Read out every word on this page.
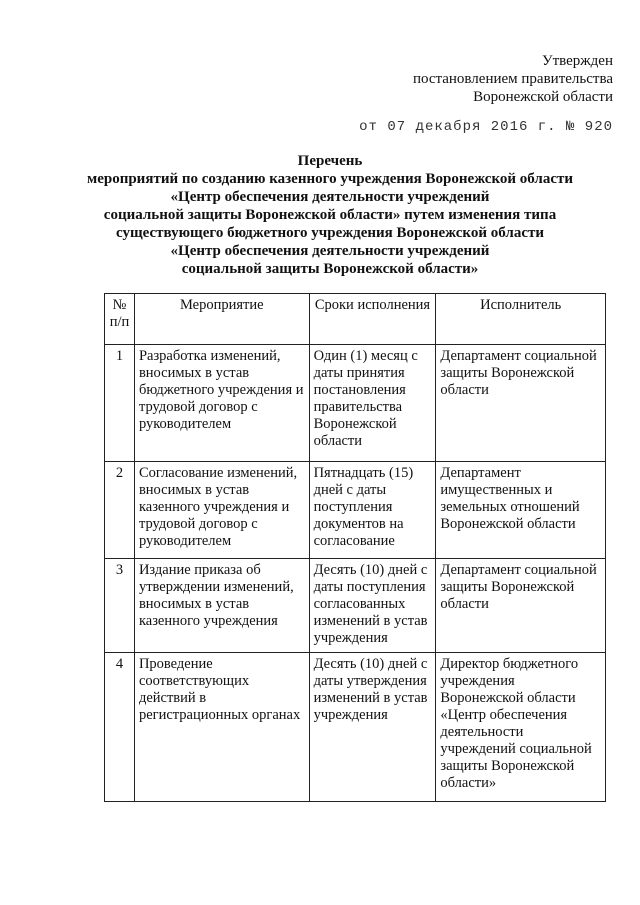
Утвержден
постановлением правительства
Воронежской области
от 07 декабря 2016 г. № 920
Перечень
мероприятий по созданию казенного учреждения Воронежской области
«Центр обеспечения деятельности учреждений
социальной защиты Воронежской области» путем изменения типа
существующего бюджетного учреждения Воронежской области
«Центр обеспечения деятельности учреждений
социальной защиты Воронежской области»
№ п/п	Мероприятие	Сроки исполнения	Исполнитель
1	Разработка изменений, вносимых в устав бюджетного учреждения и трудовой договор с руководителем	Один (1) месяц с даты принятия постановления правительства Воронежской области	Департамент социальной защиты Воронежской области
2	Согласование изменений, вносимых в устав казенного учреждения и трудовой договор с руководителем	Пятнадцать (15) дней с даты поступления документов на согласование	Департамент имущественных и земельных отношений Воронежской области
3	Издание приказа об утверждении изменений, вносимых в устав казенного учреждения	Десять (10) дней с даты поступления согласованных изменений в устав учреждения	Департамент социальной защиты Воронежской области
4	Проведение соответствующих действий в регистрационных органах	Десять (10) дней с даты утверждения изменений в устав учреждения	Директор бюджетного учреждения Воронежской области «Центр обеспечения деятельности учреждений социальной защиты Воронежской области»
